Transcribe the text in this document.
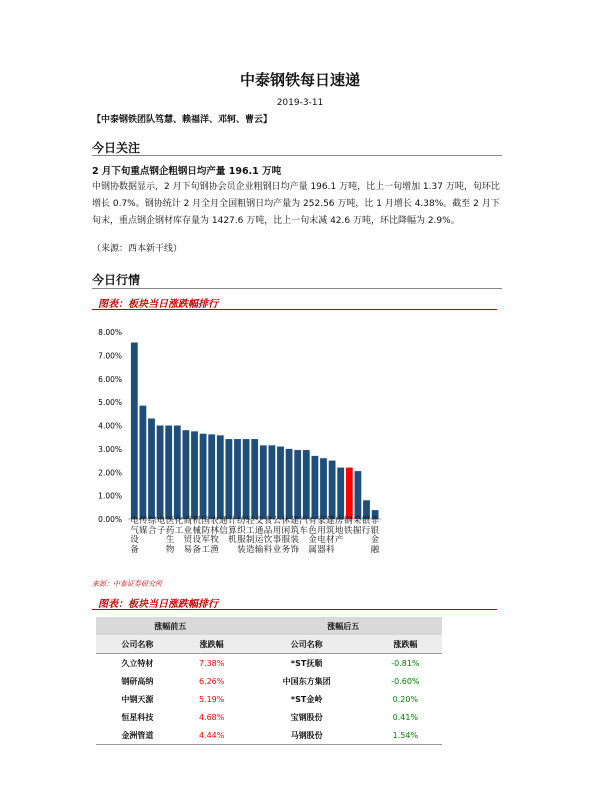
中泰钢铁每日速递
2019-3-11
【中泰钢铁团队笃慧、赖福洋、邓轲、曹云】
今日关注
2 月下旬重点钢企粗钢日均产量 196.1 万吨
中钢协数据显示，2 月下旬钢协会员企业粗钢日均产量 196.1 万吨，比上一旬增加 1.37 万吨，旬环比增长 0.7%。钢协统计 2 月全月全国粗钢日均产量为 252.56 万吨，比 1 月增长 4.38%。截至 2 月下旬末，重点钢企钢材库存量为 1427.6 万吨，比上一旬末减 42.6 万吨，环比降幅为 2.9%。
（来源：西本新干线）
今日行情
图表：板块当日涨跌幅排行
0.00%
1.00%
2.00%
3.00%
4.00%
5.00%
6.00%
7.00%
8.00%
电气设备
传媒
综合
电子
医药生物
化工
商业贸易
机械设备
国防军工
农林牧渔
通信
计算机
纺织服装
轻工制造
交通运输
食品饮料
公用事业
休闲服务
建筑装饰
汽车
有色金属
家用电器
建筑材料
房地产
钢铁
采掘
银行
非银金融
来源：中泰证券研究所
图表：板块当日涨跌幅排行
涨幅前五		涨幅后五	
公司名称	涨跌幅	公司名称	涨跌幅
久立特材	7.38%	*ST抚顺	-0.81%
钢研高纳	6.26%	中国东方集团	-0.60%
中钢天源	5.19%	*ST金岭	0.20%
恒星科技	4.68%	宝钢股份	0.41%
金洲管道	4.44%	马钢股份	1.54%
